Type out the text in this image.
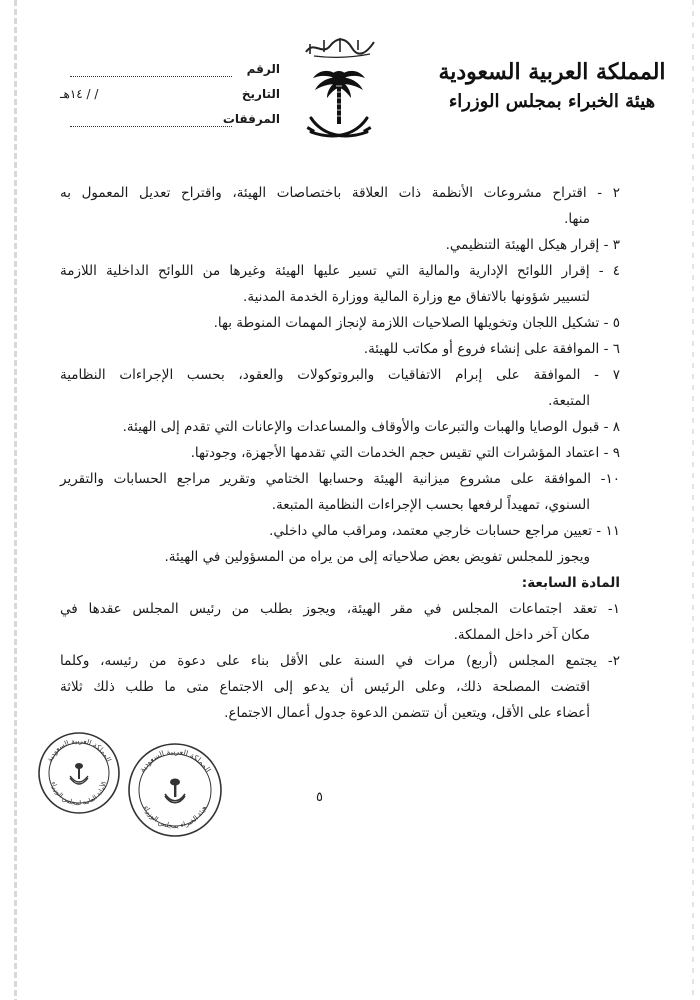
المملكة العربية السعودية
هيئة الخبراء بمجلس الوزراء
الرقم
التاريخ
/ / ١٤هـ
المرفقات

٢ - اقتراح مشروعات الأنظمة ذات العلاقة باختصاصات الهيئة، واقتراح تعديل المعمول به

منها.

٣ - إقرار هيكل الهيئة التنظيمي.

٤ - إقرار اللوائح الإدارية والمالية التي تسير عليها الهيئة وغيرها من اللوائح الداخلية اللازمة

لتسيير شؤونها بالاتفاق مع وزارة المالية ووزارة الخدمة المدنية.

٥ - تشكيل اللجان وتخويلها الصلاحيات اللازمة لإنجاز المهمات المنوطة بها.

٦ - الموافقة على إنشاء فروع أو مكاتب للهيئة.

٧ - الموافقة على إبرام الاتفاقيات والبروتوكولات والعقود، بحسب الإجراءات النظامية

المتبعة.

٨ - قبول الوصايا والهبات والتبرعات والأوقاف والمساعدات والإعانات التي تقدم إلى الهيئة.

٩ - اعتماد المؤشرات التي تقيس حجم الخدمات التي تقدمها الأجهزة، وجودتها.

١٠- الموافقة على مشروع ميزانية الهيئة وحسابها الختامي وتقرير مراجع الحسابات والتقرير

السنوي، تمهيداً لرفعها بحسب الإجراءات النظامية المتبعة.

١١ - تعيين مراجع حسابات خارجي معتمد، ومراقب مالي داخلي.

ويجوز للمجلس تفويض بعض صلاحياته إلى من يراه من المسؤولين في الهيئة.

المادة السابعة:

١- تعقد اجتماعات المجلس في مقر الهيئة، ويجوز بطلب من رئيس المجلس عقدها في

مكان آخر داخل المملكة.

٢- يجتمع المجلس (أربع) مرات في السنة على الأقل بناء على دعوة من رئيسه، وكلما

اقتضت المصلحة ذلك، وعلى الرئيس أن يدعو إلى الاجتماع متى ما طلب ذلك ثلاثة

أعضاء على الأقل، ويتعين أن تتضمن الدعوة جدول أعمال الاجتماع.

٥
المملكة العربية السعودية
الأمانة العامة لمجلس الوزراء
المملكة العربية السعودية
هيئة الخبراء بمجلس الوزراء
